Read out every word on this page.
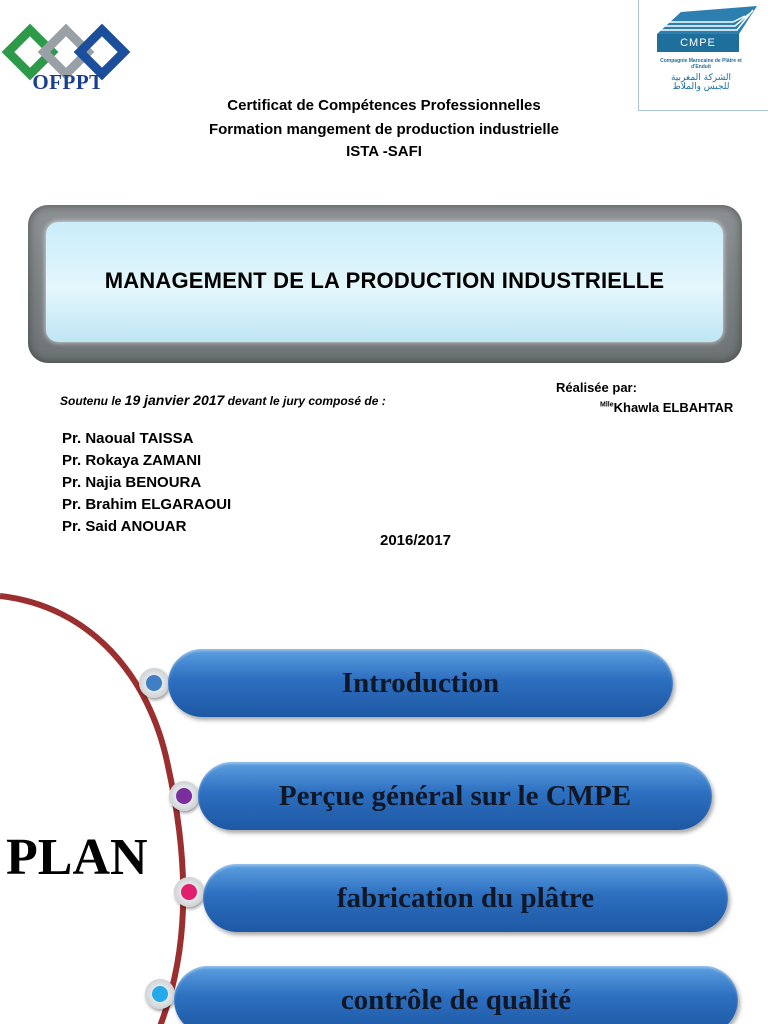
OFPPT
CMPE
Compagnie Marocaine de Plâtre et d'Enduit
الشركة المغربية للجبس والملاط
Certificat de Compétences Professionnelles
Formation mangement de production industrielle
ISTA -SAFI
MANAGEMENT DE LA PRODUCTION INDUSTRIELLE
Soutenu le 19 janvier 2017 devant le jury composé de :
Réalisée par:
$^{Mlle}$Khawla ELBAHTAR
Pr. Naoual TAISSA
Pr. Rokaya ZAMANI
Pr. Najia BENOURA
Pr. Brahim ELGARAOUI
Pr. Said ANOUAR
2016/2017
PLAN
Introduction
Perçue général sur le CMPE
fabrication du plâtre
contrôle de qualité
